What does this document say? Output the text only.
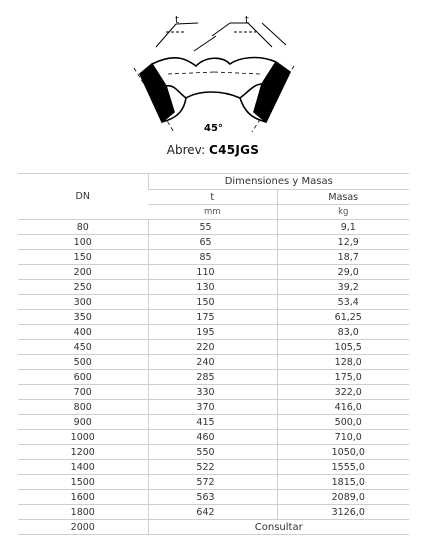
t	t
45°
Abrev: C45JGS
DN	Dimensiones y Masas	
	t	Masas
	mm	kg
80	55	9,1
100	65	12,9
150	85	18,7
200	110	29,0
250	130	39,2
300	150	53,4
350	175	61,25
400	195	83,0
450	220	105,5
500	240	128,0
600	285	175,0
700	330	322,0
800	370	416,0
900	415	500,0
1000	460	710,0
1200	550	1050,0
1400	522	1555,0
1500	572	1815,0
1600	563	2089,0
1800	642	3126,0
2000	Consultar	
